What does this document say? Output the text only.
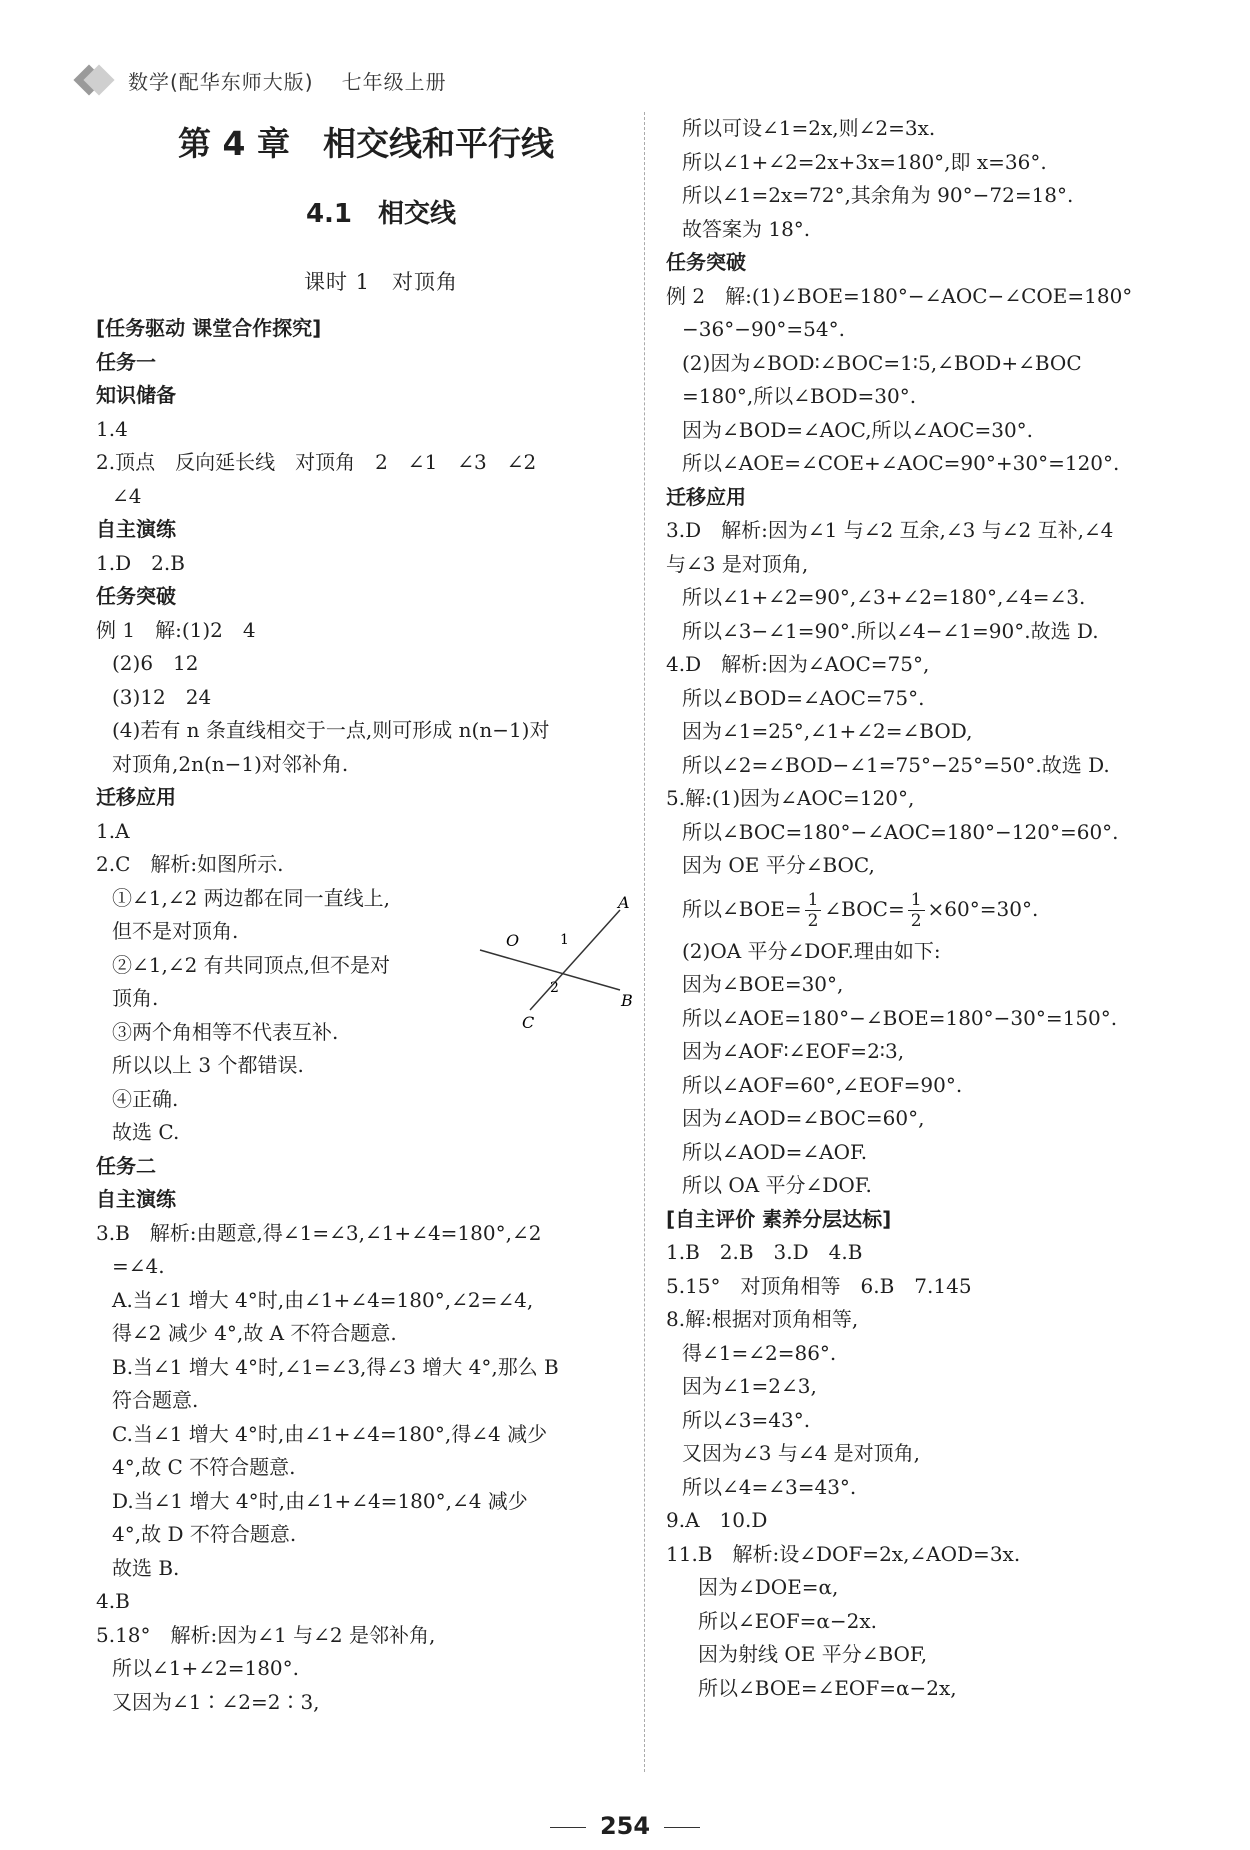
数学(配华东师大版) 七年级上册
第 4 章　相交线和平行线
4.1　相交线
课时 1　对顶角
[任务驱动 课堂合作探究]
任务一
知识储备
1.4
2.顶点　反向延长线　对顶角　2　∠1　∠3　∠2
∠4
自主演练
1.D　2.B
任务突破
例 1　解:(1)2　4
(2)6　12
(3)12　24
(4)若有 n 条直线相交于一点,则可形成 n(n−1)对
对顶角,2n(n−1)对邻补角.
迁移应用
1.A
2.C　解析:如图所示.
①∠1,∠2 两边都在同一直线上,
但不是对顶角.
②∠1,∠2 有共同顶点,但不是对
顶角.
③两个角相等不代表互补.
所以以上 3 个都错误.
④正确.
故选 C.
任务二
自主演练
3.B　解析:由题意,得∠1=∠3,∠1+∠4=180°,∠2
=∠4.
A.当∠1 增大 4°时,由∠1+∠4=180°,∠2=∠4,
得∠2 减少 4°,故 A 不符合题意.
B.当∠1 增大 4°时,∠1=∠3,得∠3 增大 4°,那么 B
符合题意.
C.当∠1 增大 4°时,由∠1+∠4=180°,得∠4 减少
4°,故 C 不符合题意.
D.当∠1 增大 4°时,由∠1+∠4=180°,∠4 减少
4°,故 D 不符合题意.
故选 B.
4.B
5.18°　解析:因为∠1 与∠2 是邻补角,
所以∠1+∠2=180°.
又因为∠1∶∠2=2∶3,
所以可设∠1=2x,则∠2=3x.
所以∠1+∠2=2x+3x=180°,即 x=36°.
所以∠1=2x=72°,其余角为 90°−72=18°.
故答案为 18°.
任务突破
例 2　解:(1)∠BOE=180°−∠AOC−∠COE=180°
−36°−90°=54°.
(2)因为∠BOD∶∠BOC=1∶5,∠BOD+∠BOC
=180°,所以∠BOD=30°.
因为∠BOD=∠AOC,所以∠AOC=30°.
所以∠AOE=∠COE+∠AOC=90°+30°=120°.
迁移应用
3.D　解析:因为∠1 与∠2 互余,∠3 与∠2 互补,∠4
与∠3 是对顶角,
所以∠1+∠2=90°,∠3+∠2=180°,∠4=∠3.
所以∠3−∠1=90°.所以∠4−∠1=90°.故选 D.
4.D　解析:因为∠AOC=75°,
所以∠BOD=∠AOC=75°.
因为∠1=25°,∠1+∠2=∠BOD,
所以∠2=∠BOD−∠1=75°−25°=50°.故选 D.
5.解:(1)因为∠AOC=120°,
所以∠BOC=180°−∠AOC=180°−120°=60°.
因为 OE 平分∠BOC,
所以∠BOE= $\frac{1}{2}$ ∠BOC= $\frac{1}{2} \times 60^\circ=30^\circ$.
(2)OA 平分∠DOF.理由如下:
因为∠BOE=30°,
所以∠AOE=180°−∠BOE=180°−30°=150°.
因为∠AOF∶∠EOF=2∶3,
所以∠AOF=60°,∠EOF=90°.
因为∠AOD=∠BOC=60°,
所以∠AOD=∠AOF.
所以 OA 平分∠DOF.
[自主评价 素养分层达标]
1.B　2.B　3.D　4.B
5.15°　对顶角相等　6.B　7.145
8.解:根据对顶角相等,
得∠1=∠2=86°.
因为∠1=2∠3,
所以∠3=43°.
又因为∠3 与∠4 是对顶角,
所以∠4=∠3=43°.
9.A　10.D
11.B　解析:设∠DOF=2x,∠AOD=3x.
因为∠DOE=α,
所以∠EOF=α−2x.
因为射线 OE 平分∠BOF,
所以∠BOE=∠EOF=α−2x,
A
B
C
O	1
2
254
